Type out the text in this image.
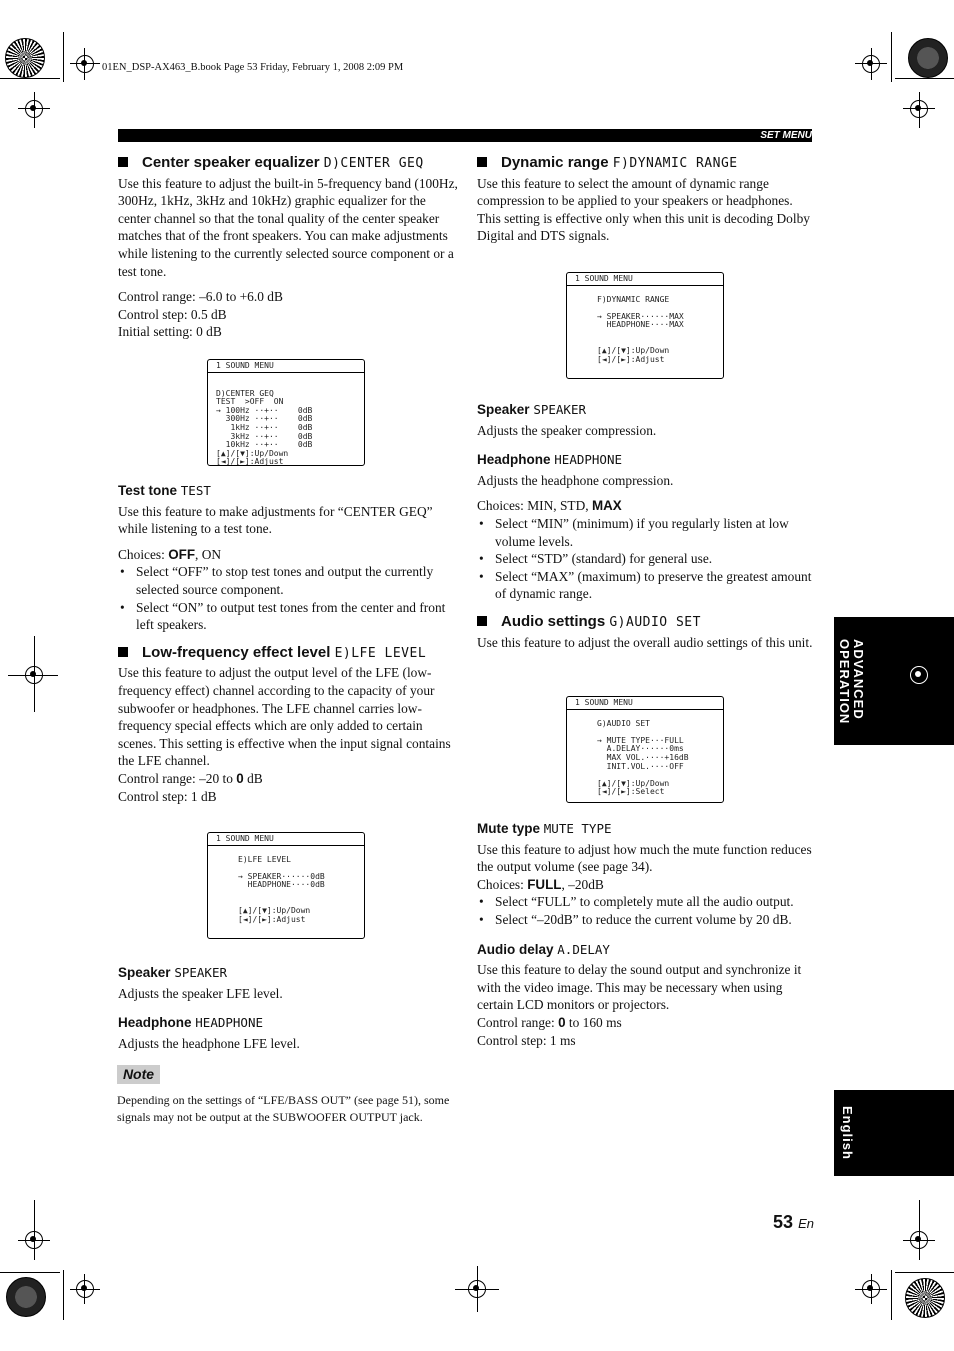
01EN_DSP-AX463_B.book Page 53 Friday, February 1, 2008 2:09 PM
SET MENU
Center speaker equalizer D)CENTER GEQ

Use this feature to adjust the built-in 5-frequency band (100Hz, 300Hz, 1kHz, 3kHz and 10kHz) graphic equalizer for the center channel so that the tonal quality of the center speaker matches that of the front speakers. You can make adjustments while listening to the currently selected source component or a test tone.

Control range: –6.0 to +6.0 dB
Control step: 0.5 dB
Initial setting: 0 dB
1 SOUND MENU
D)CENTER GEQ
TEST  >OFF  ON
→ 100Hz ··+··    0dB
300Hz ··+··    0dB
1kHz ··+··    0dB
3kHz ··+··    0dB
10kHz ··+··    0dB
[▲]/[▼]:Up/Down
[◄]/[►]:Adjust
Test tone TEST

Use this feature to make adjustments for “CENTER GEQ” while listening to a test tone.

Choices: OFF, ON
• Select “OFF” to stop test tones and output the currently selected source component.
• Select “ON” to output test tones from the center and front left speakers.
Low-frequency effect level E)LFE LEVEL

Use this feature to adjust the output level of the LFE (low-frequency effect) channel according to the capacity of your subwoofer or headphones. The LFE channel carries low-frequency special effects which are only added to certain scenes. This setting is effective when the input signal contains the LFE channel.

Control range: –20 to 0 dB
Control step: 1 dB
1 SOUND MENU
E)LFE LEVEL

→ SPEAKER······0dB
HEADPHONE····0dB

[▲]/[▼]:Up/Down
[◄]/[►]:Adjust
Speaker SPEAKER

Adjusts the speaker LFE level.

Headphone HEADPHONE

Adjusts the headphone LFE level.

Note
Depending on the settings of “LFE/BASS OUT” (see page 51), some signals may not be output at the SUBWOOFER OUTPUT jack.
Dynamic range F)DYNAMIC RANGE

Use this feature to select the amount of dynamic range compression to be applied to your speakers or headphones. This setting is effective only when this unit is decoding Dolby Digital and DTS signals.

1 SOUND MENU
F)DYNAMIC RANGE

→ SPEAKER······MAX
HEADPHONE····MAX

[▲]/[▼]:Up/Down
[◄]/[►]:Adjust
Speaker SPEAKER

Adjusts the speaker compression.

Headphone HEADPHONE

Adjusts the headphone compression.

Choices: MIN, STD, MAX
• Select “MIN” (minimum) if you regularly listen at low volume levels.
• Select “STD” (standard) for general use.
• Select “MAX” (maximum) to preserve the greatest amount of dynamic range.
Audio settings G)AUDIO SET

Use this feature to adjust the overall audio settings of this unit.

1 SOUND MENU
G)AUDIO SET

→ MUTE TYPE···FULL
A.DELAY······0ms
MAX VOL.····+16dB
INIT.VOL.····OFF

[▲]/[▼]:Up/Down
[◄]/[►]:Select
Mute type MUTE TYPE

Use this feature to adjust how much the mute function reduces the output volume (see page 34).

Choices: FULL, –20dB
• Select “FULL” to completely mute all the audio output.
• Select “–20dB” to reduce the current volume by 20 dB.
Audio delay A.DELAY

Use this feature to delay the sound output and synchronize it with the video image. This may be necessary when using certain LCD monitors or projectors.

Control range: 0 to 160 ms
Control step: 1 ms
ADVANCED
OPERATION
English
53 En
